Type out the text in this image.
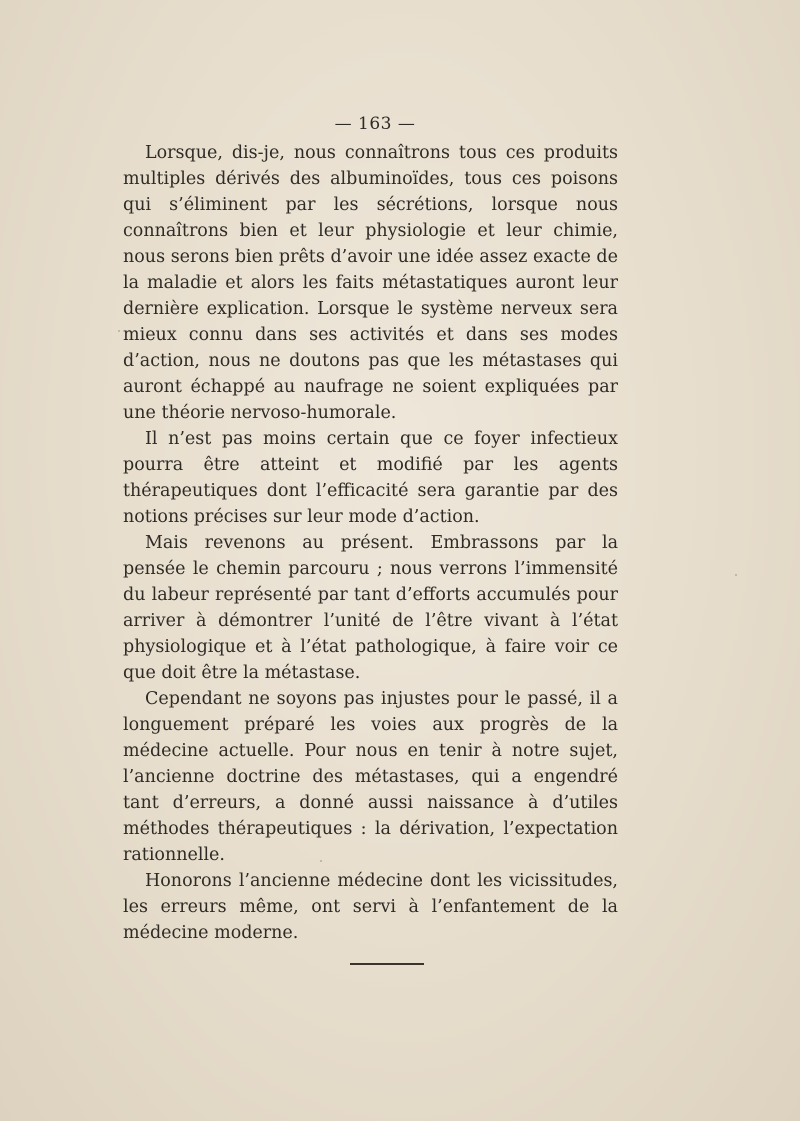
— 163 —

Lorsque, dis-je, nous connaîtrons tous ces produits multiples dérivés des albuminoïdes, tous ces poisons qui s’éliminent par les sécrétions, lorsque nous connaîtrons bien et leur physiologie et leur chimie, nous serons bien prêts d’avoir une idée assez exacte de la maladie et alors les faits métastatiques auront leur dernière explication. Lorsque le système nerveux sera mieux connu dans ses activités et dans ses modes d’action, nous ne doutons pas que les métastases qui auront échappé au naufrage ne soient expliquées par une théorie nervoso-humorale.

Il n’est pas moins certain que ce foyer infectieux pourra être atteint et modifié par les agents thérapeutiques dont l’efficacité sera garantie par des notions précises sur leur mode d’action.

Mais revenons au présent. Embrassons par la pensée le chemin parcouru ; nous verrons l’immensité du labeur représenté par tant d’efforts accumulés pour arriver à démontrer l’unité de l’être vivant à l’état physiologique et à l’état pathologique, à faire voir ce que doit être la métastase.

Cependant ne soyons pas injustes pour le passé, il a longuement préparé les voies aux progrès de la médecine actuelle. Pour nous en tenir à notre sujet, l’ancienne doctrine des métastases, qui a engendré tant d’erreurs, a donné aussi naissance à d’utiles méthodes thérapeutiques : la dérivation, l’expectation rationnelle.

Honorons l’ancienne médecine dont les vicissitudes, les erreurs même, ont servi à l’enfantement de la médecine moderne.
